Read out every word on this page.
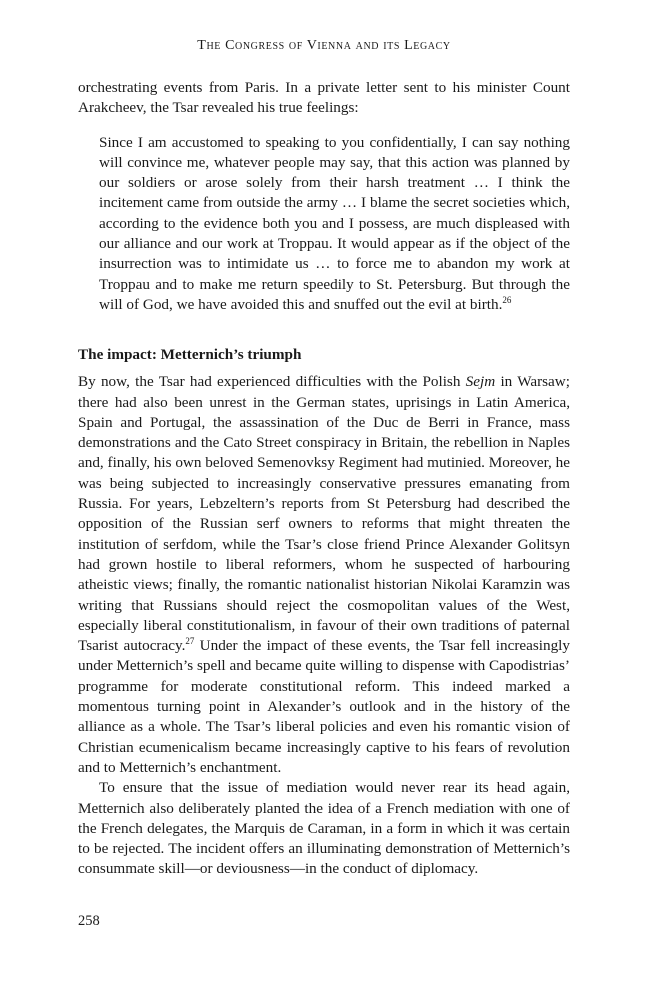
The Congress of Vienna and its Legacy

orchestrating events from Paris. In a private letter sent to his minister Count Arakcheev, the Tsar revealed his true feelings:

Since I am accustomed to speaking to you confidentially, I can say nothing will convince me, whatever people may say, that this action was planned by our soldiers or arose solely from their harsh treatment … I think the incitement came from outside the army … I blame the secret societies which, according to the evidence both you and I possess, are much displeased with our alliance and our work at Troppau. It would appear as if the object of the insurrection was to intimidate us … to force me to abandon my work at Troppau and to make me return speedily to St. Petersburg. But through the will of God, we have avoided this and snuffed out the evil at birth.$^{26}$

The impact: Metternich’s triumph

By now, the Tsar had experienced difficulties with the Polish Sejm in Warsaw; there had also been unrest in the German states, uprisings in Latin America, Spain and Portugal, the assassination of the Duc de Berri in France, mass demonstrations and the Cato Street conspiracy in Britain, the rebellion in Naples and, finally, his own beloved Semenovksy Regiment had mutinied. Moreover, he was being subjected to increasingly conservative pressures emanating from Russia. For years, Lebzeltern’s reports from St Petersburg had described the opposition of the Russian serf owners to reforms that might threaten the institution of serfdom, while the Tsar’s close friend Prince Alexander Golitsyn had grown hostile to liberal reformers, whom he suspected of harbouring atheistic views; finally, the romantic nationalist historian Nikolai Karamzin was writing that Russians should reject the cosmopolitan values of the West, especially liberal constitutionalism, in favour of their own traditions of paternal Tsarist autocracy.$^{27}$ Under the impact of these events, the Tsar fell increasingly under Metternich’s spell and became quite willing to dispense with Capodistrias’ programme for moderate constitutional reform. This indeed marked a momentous turning point in Alexander’s outlook and in the history of the alliance as a whole. The Tsar’s liberal policies and even his romantic vision of Christian ecumenicalism became increasingly captive to his fears of revolution and to Metternich’s enchantment.

To ensure that the issue of mediation would never rear its head again, Metternich also deliberately planted the idea of a French mediation with one of the French delegates, the Marquis de Caraman, in a form in which it was certain to be rejected. The incident offers an illuminating demonstration of Metternich’s consummate skill—or deviousness—in the conduct of diplomacy.

258
